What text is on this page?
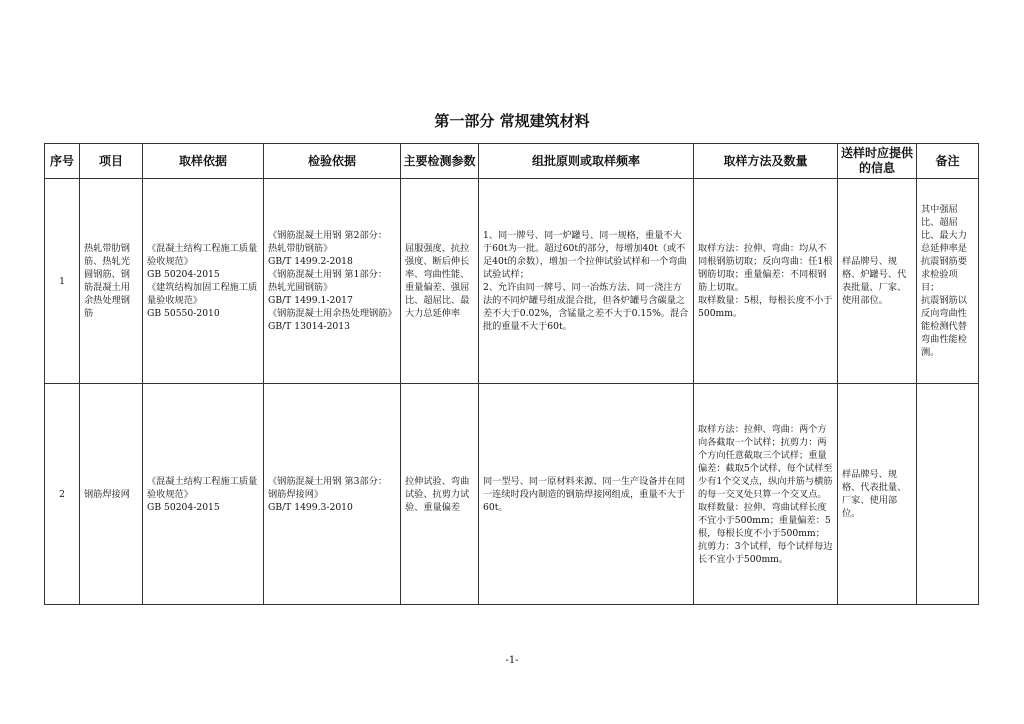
第一部分 常规建筑材料
序号	项目	取样依据	检验依据	主要检测参数	组批原则或取样频率	取样方法及数量	送样时应提供的信息	备注
1	热轧带肋钢筋、热轧光圆钢筋、钢筋混凝土用余热处理钢筋	《混凝土结构工程施工质量验收规范》
GB 50204-2015
《建筑结构加固工程施工质量验收规范》
GB 50550-2010	《钢筋混凝土用钢 第2部分：热轧带肋钢筋》
GB/T 1499.2-2018
《钢筋混凝土用钢 第1部分：热轧光圆钢筋》
GB/T 1499.1-2017
《钢筋混凝土用余热处理钢筋》GB/T 13014-2013	屈服强度、抗拉强度、断后伸长率、弯曲性能、重量偏差、强屈比、超屈比、最大力总延伸率	1、同一牌号、同一炉罐号、同一规格，重量不大于60t为一批。超过60t的部分，每增加40t（或不足40t的余数），增加一个拉伸试验试样和一个弯曲试验试样；
2、允许由同一牌号、同一冶炼方法、同一浇注方法的不同炉罐号组成混合批，但各炉罐号含碳量之差不大于0.02%，含锰量之差不大于0.15%。混合批的重量不大于60t。	取样方法：拉伸、弯曲：均从不同根钢筋切取；反向弯曲：任1根钢筋切取；重量偏差：不同根钢筋上切取。
取样数量：5根，每根长度不小于500mm。	样品牌号、规格、炉罐号、代表批量、厂家、使用部位。	其中强屈比、超屈比、最大力总延伸率是抗震钢筋要求检验项目；
抗震钢筋以反向弯曲性能检测代替弯曲性能检测。

2	钢筋焊接网	《混凝土结构工程施工质量验收规范》
GB 50204-2015	《钢筋混凝土用钢 第3部分：钢筋焊接网》
GB/T 1499.3-2010	拉伸试验、弯曲试验、抗剪力试验、重量偏差	同一型号、同一原材料来源、同一生产设备并在同一连续时段内制造的钢筋焊接网组成，重量不大于60t。	取样方法：拉伸、弯曲：两个方向各截取一个试样；抗剪力：两个方向任意截取三个试样；重量偏差：截取5个试样、每个试样至少有1个交叉点，纵向并筋与横筋的每一交叉处只算一个交叉点。
取样数量：拉伸、弯曲试样长度不宜小于500mm；重量偏差：5根，每根长度不小于500mm；抗剪力：3个试样，每个试样每边长不宜小于500mm。	样品牌号、规格、代表批量、厂家、使用部位。	
-1-
